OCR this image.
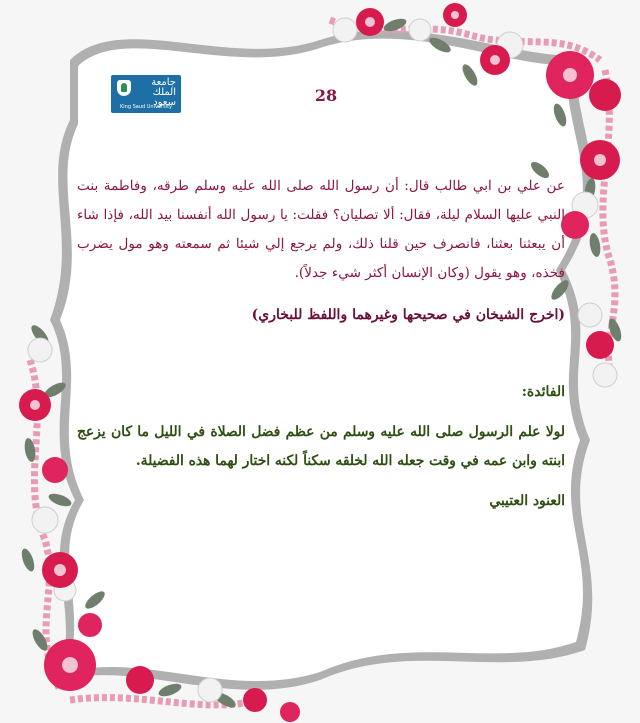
جامعة الملك سعود
King Saud University
28
عن علي بن ابي طالب قال: أن رسول الله صلى الله عليه وسلم طرقه، وفاطمة بنت النبي عليها السلام ليلة، فقال: ألا تصليان؟ فقلت: يا رسول الله أنفسنا بيد الله، فإذا شاء أن يبعثنا بعثنا، فانصرف حين قلنا ذلك، ولم يرجع إلي شيئا ثم سمعته وهو مول يضرب فخذه، وهو يقول (وكان الإنسان أكثر شيء جدلاً).
(اخرج الشيخان في صحيحها وغيرهما واللفظ للبخاري)
الفائدة:
لولا علم الرسول صلى الله عليه وسلم من عظم فضل الصلاة في الليل ما كان يزعج ابنته وابن عمه في وقت جعله الله لخلقه سكناً لكنه اختار لهما هذه الفضيلة.
العنود العتيبي
